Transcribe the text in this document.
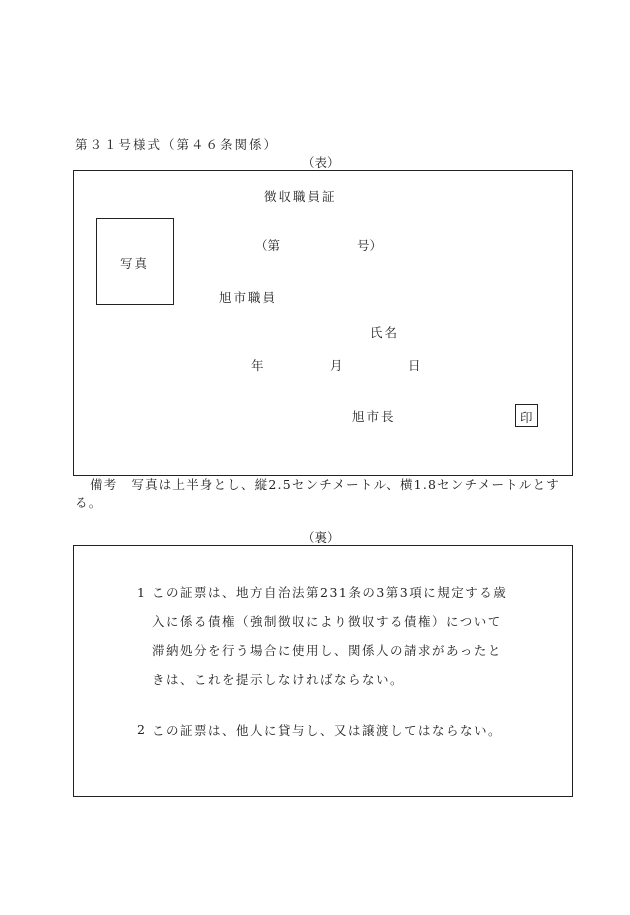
第３１号様式（第４６条関係）
（表）
徴収職員証
写真
（第	号）
旭市職員
氏名
年	月	日
旭市長	印
備考 写真は上半身とし、縦2.5センチメートル、横1.8センチメートルとする。
（裏）
1 この証票は、地方自治法第231条の3第3項に規定する歳入に係る債権（強制徴収により徴収する債権）について滞納処分を行う場合に使用し、関係人の請求があったときは、これを提示しなければならない。
2 この証票は、他人に貸与し、又は譲渡してはならない。
